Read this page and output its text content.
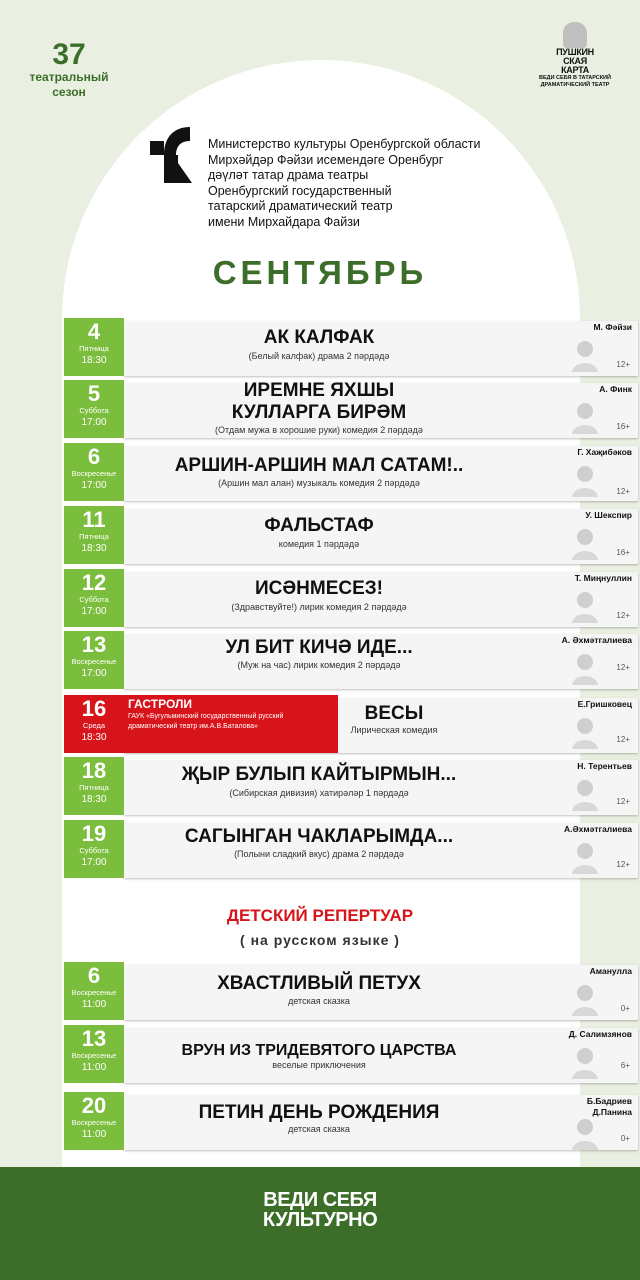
37
театральный
сезон
ПУШКИН
СКАЯ
КАРТА
ВЕДИ СЕБЯ В ТАТАРСКИЙ
ДРАМАТИЧЕСКИЙ ТЕАТР
Министерство культуры Оренбургской области
Мирхәйдәр Фәйзи исемендәге Оренбург
дәүләт татар драма театры
Оренбургский государственный
татарский драматический театр
имени Мирхайдара Файзи
СЕНТЯБРЬ
4
Пятница
18:30
АК КАЛФАК
(Белый калфак) драма 2 пәрдәдә
М. Фәйзи
12+
5
Суббота
17:00
ИРЕМНЕ ЯХШЫ
КУЛЛАРГА БИРӘМ
(Отдам мужа в хорошие руки) комедия 2 пәрдәдә
А. Финк
16+
6
Воскресенье
17:00
АРШИН-АРШИН МАЛ САТАМ!..
(Аршин мал алан) музыкаль комедия 2 пәрдәдә
Г. Хаҗибәков
12+
11
Пятница
18:30
ФАЛЬСТАФ
комедия 1 пәрдәдә
У. Шекспир
16+
12
Суббота
17:00
ИСӘНМЕСЕЗ!
(Здравствуйте!) лирик комедия 2 пәрдәдә
Т. Миңнуллин
12+
13
Воскресенье
17:00
УЛ БИТ КИЧӘ ИДЕ...
(Муж на час) лирик комедия 2 пәрдәдә
А. Әхмәтгалиева
12+
16
Среда
18:30
ГАСТРОЛИ
ГАУК «Бугульминский государственный русский драматический театр им.А.В.Баталова»
ВЕСЫ
Лирическая комедия
Е.Гришковец
12+
18
Пятница
18:30
ҖЫР БУЛЫП КАЙТЫРМЫН...
(Сибирская дивизия) хатирәләр 1 пәрдәдә
Н. Терентьев
12+
19
Суббота
17:00
САГЫНГАН ЧАКЛАРЫМДА...
(Полыни сладкий вкус) драма 2 пәрдәдә
А.Әхмәтгалиева
12+
ДЕТСКИЙ РЕПЕРТУАР
( на русском языке )
6
Воскресенье
11:00
ХВАСТЛИВЫЙ ПЕТУХ
детская сказка
Аманулла
0+
13
Воскресенье
11:00
ВРУН ИЗ ТРИДЕВЯТОГО ЦАРСТВА
веселые приключения
Д. Салимзянов
6+
20
Воскресенье
11:00
ПЕТИН ДЕНЬ РОЖДЕНИЯ
детская сказка
Б.Бадриев
Д.Панина
0+
ВЕДИ СЕБЯ
КУЛЬТУРНО
